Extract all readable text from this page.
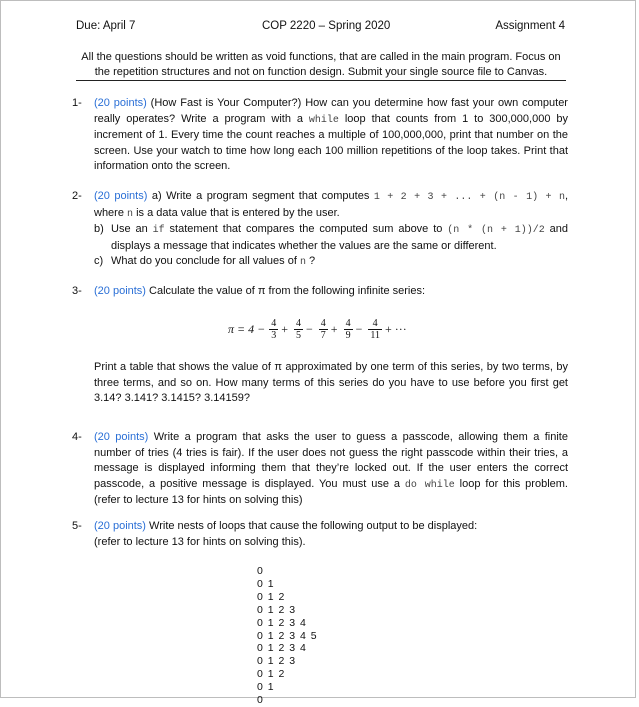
Due: April 7	COP 2220 – Spring 2020	Assignment 4
All the questions should be written as void functions, that are called in the main program. Focus on the repetition structures and not on function design. Submit your single source file to Canvas.
1- (20 points) (How Fast is Your Computer?) How can you determine how fast your own computer really operates? Write a program with a while loop that counts from 1 to 300,000,000 by increment of 1. Every time the count reaches a multiple of 100,000,000, print that number on the screen. Use your watch to time how long each 100 million repetitions of the loop takes. Print that information onto the screen.
2- (20 points) a) Write a program segment that computes 1 + 2 + 3 + ... + (n - 1) + n, where n is a data value that is entered by the user.
b) Use an if statement that compares the computed sum above to (n * (n + 1))/2 and displays a message that indicates whether the values are the same or different.
c) What do you conclude for all values of n ?
3- (20 points) Calculate the value of π from the following infinite series:
$\pi = 4 - \frac{4}{3} + \frac{4}{5} - \frac{4}{7} + \frac{4}{9} - \frac{4}{11}$ + ···
Print a table that shows the value of π approximated by one term of this series, by two terms, by three terms, and so on. How many terms of this series do you have to use before you first get 3.14? 3.141? 3.1415? 3.14159?
4- (20 points) Write a program that asks the user to guess a passcode, allowing them a finite number of tries (4 tries is fair). If the user does not guess the right passcode within their tries, a message is displayed informing them that they’re locked out. If the user enters the correct passcode, a positive message is displayed. You must use a do while loop for this problem. (refer to lecture 13 for hints on solving this)
5- (20 points) Write nests of loops that cause the following output to be displayed:
(refer to lecture 13 for hints on solving this).
0
0 1
0 1 2
0 1 2 3
0 1 2 3 4
0 1 2 3 4 5
0 1 2 3 4
0 1 2 3
0 1 2
0 1
0
